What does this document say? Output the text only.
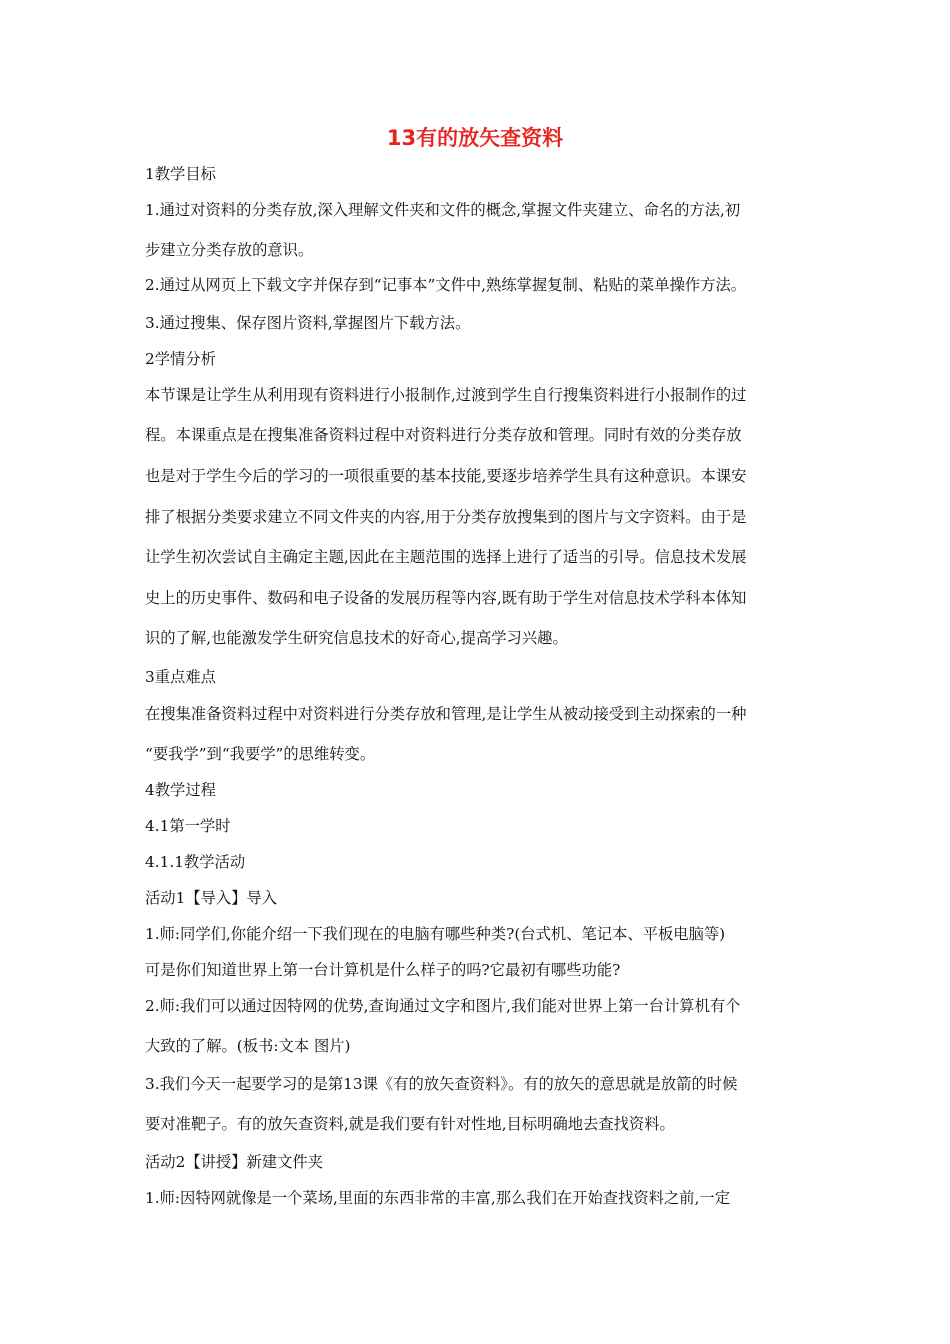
13有的放矢查资料
1教学目标
1.通过对资料的分类存放,深入理解文件夹和文件的概念,掌握文件夹建立、命名的方法,初
步建立分类存放的意识。
2.通过从网页上下载文字并保存到“记事本”文件中,熟练掌握复制、粘贴的菜单操作方法。
3.通过搜集、保存图片资料,掌握图片下载方法。
2学情分析
本节课是让学生从利用现有资料进行小报制作,过渡到学生自行搜集资料进行小报制作的过
程。本课重点是在搜集准备资料过程中对资料进行分类存放和管理。同时有效的分类存放
也是对于学生今后的学习的一项很重要的基本技能,要逐步培养学生具有这种意识。本课安
排了根据分类要求建立不同文件夹的内容,用于分类存放搜集到的图片与文字资料。由于是
让学生初次尝试自主确定主题,因此在主题范围的选择上进行了适当的引导。信息技术发展
史上的历史事件、数码和电子设备的发展历程等内容,既有助于学生对信息技术学科本体知
识的了解,也能激发学生研究信息技术的好奇心,提高学习兴趣。
3重点难点
在搜集准备资料过程中对资料进行分类存放和管理,是让学生从被动接受到主动探索的一种
“要我学”到“我要学”的思维转变。
4教学过程
4.1第一学时
4.1.1教学活动
活动1【导入】导入
1.师:同学们,你能介绍一下我们现在的电脑有哪些种类?(台式机、笔记本、平板电脑等)
可是你们知道世界上第一台计算机是什么样子的吗?它最初有哪些功能?
2.师:我们可以通过因特网的优势,查询通过文字和图片,我们能对世界上第一台计算机有个
大致的了解。(板书:文本 图片)
3.我们今天一起要学习的是第13课《有的放矢查资料》。有的放矢的意思就是放箭的时候
要对准靶子。有的放矢查资料,就是我们要有针对性地,目标明确地去查找资料。
活动2【讲授】新建文件夹
1.师:因特网就像是一个菜场,里面的东西非常的丰富,那么我们在开始查找资料之前,一定
